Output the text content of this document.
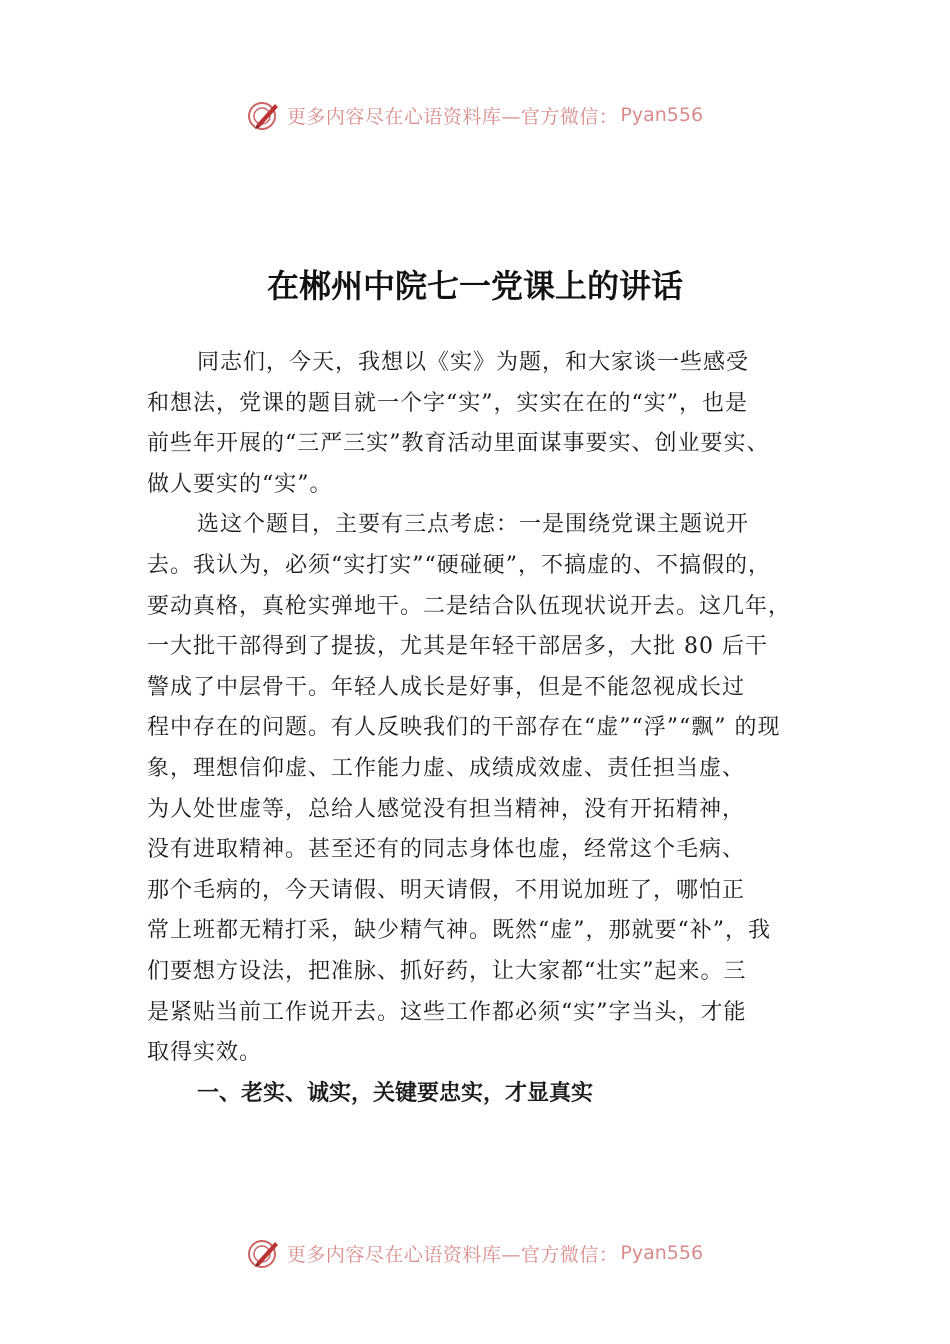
更多内容尽在心语资料库—官方微信： Pyan556
在郴州中院七一党课上的讲话
同志们，今天，我想以《实》为题，和大家谈一些感受
和想法，党课的题目就一个字“实”，实实在在的“实”，也是
前些年开展的“三严三实”教育活动里面谋事要实、创业要实、
做人要实的“实”。
选这个题目，主要有三点考虑：一是围绕党课主题说开
去。我认为，必须“实打实”“硬碰硬”，不搞虚的、不搞假的，
要动真格，真枪实弹地干。二是结合队伍现状说开去。这几年，
一大批干部得到了提拔，尤其是年轻干部居多，大批 80 后干
警成了中层骨干。年轻人成长是好事，但是不能忽视成长过
程中存在的问题。有人反映我们的干部存在“虚”“浮”“飘” 的现
象，理想信仰虚、工作能力虚、成绩成效虚、责任担当虚、
为人处世虚等，总给人感觉没有担当精神，没有开拓精神，
没有进取精神。甚至还有的同志身体也虚，经常这个毛病、
那个毛病的，今天请假、明天请假，不用说加班了，哪怕正
常上班都无精打采，缺少精气神。既然“虚”，那就要“补”，我
们要想方设法，把准脉、抓好药，让大家都“壮实”起来。三
是紧贴当前工作说开去。这些工作都必须“实”字当头，才能
取得实效。
一、老实、诚实，关键要忠实，才显真实
更多内容尽在心语资料库—官方微信： Pyan556
